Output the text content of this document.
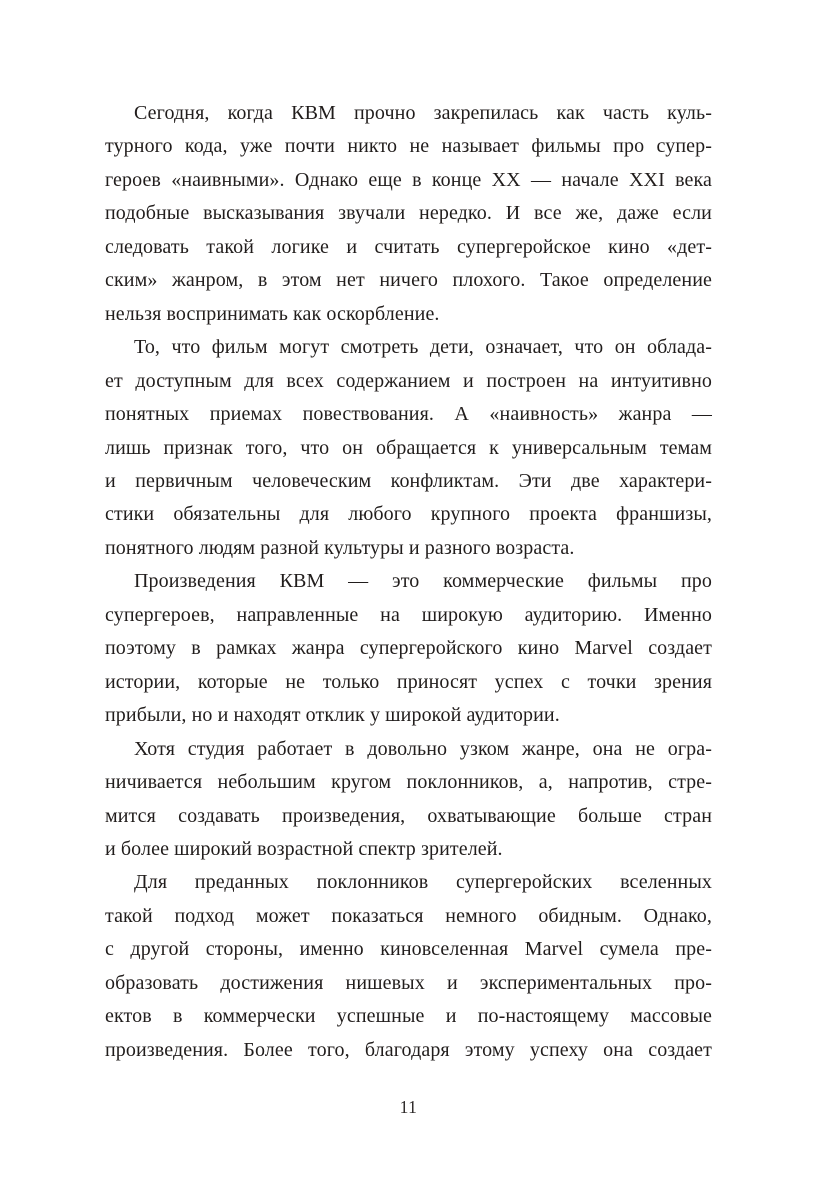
Сегодня, когда КВМ прочно закрепилась как часть куль-
турного кода, уже почти никто не называет фильмы про супер-
героев «наивными». Однако еще в конце XX — начале XXI века
подобные высказывания звучали нередко. И все же, даже если
следовать такой логике и считать супергеройское кино «дет-
ским» жанром, в этом нет ничего плохого. Такое определение
нельзя воспринимать как оскорбление.
То, что фильм могут смотреть дети, означает, что он облада-
ет доступным для всех содержанием и построен на интуитивно
понятных приемах повествования. А «наивность» жанра —
лишь признак того, что он обращается к универсальным темам
и первичным человеческим конфликтам. Эти две характери-
стики обязательны для любого крупного проекта франшизы,
понятного людям разной культуры и разного возраста.
Произведения КВМ — это коммерческие фильмы про
супергероев, направленные на широкую аудиторию. Именно
поэтому в рамках жанра супергеройского кино Marvel создает
истории, которые не только приносят успех с точки зрения
прибыли, но и находят отклик у широкой аудитории.
Хотя студия работает в довольно узком жанре, она не огра-
ничивается небольшим кругом поклонников, а, напротив, стре-
мится создавать произведения, охватывающие больше стран
и более широкий возрастной спектр зрителей.
Для преданных поклонников супергеройских вселенных
такой подход может показаться немного обидным. Однако,
с другой стороны, именно киновселенная Marvel сумела пре-
образовать достижения нишевых и экспериментальных про-
ектов в коммерчески успешные и по-настоящему массовые
произведения. Более того, благодаря этому успеху она создает
11
